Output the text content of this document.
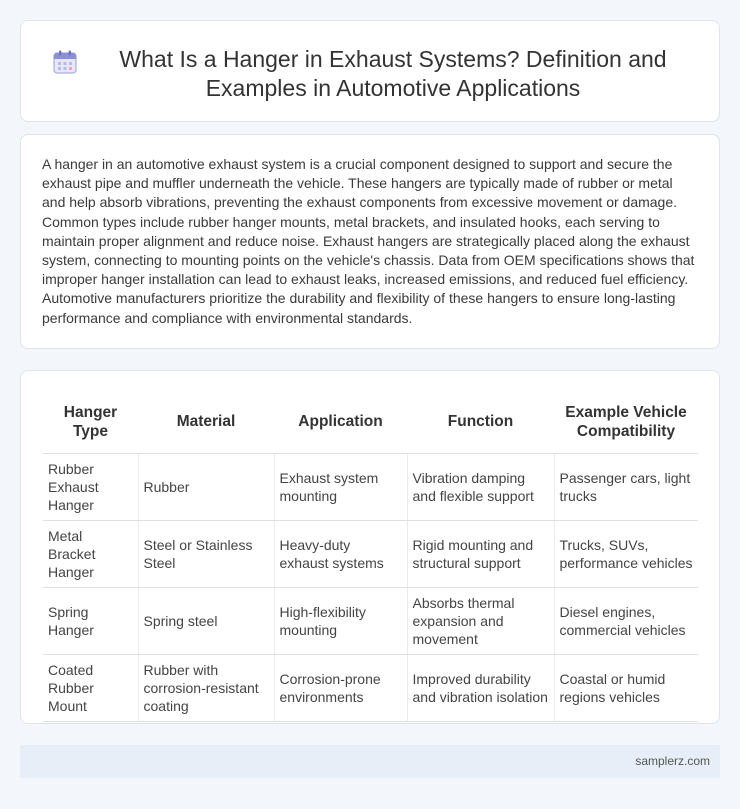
What Is a Hanger in Exhaust Systems? Definition and Examples in Automotive Applications

A hanger in an automotive exhaust system is a crucial component designed to support and secure the exhaust pipe and muffler underneath the vehicle. These hangers are typically made of rubber or metal and help absorb vibrations, preventing the exhaust components from excessive movement or damage. Common types include rubber hanger mounts, metal brackets, and insulated hooks, each serving to maintain proper alignment and reduce noise. Exhaust hangers are strategically placed along the exhaust system, connecting to mounting points on the vehicle's chassis. Data from OEM specifications shows that improper hanger installation can lead to exhaust leaks, increased emissions, and reduced fuel efficiency. Automotive manufacturers prioritize the durability and flexibility of these hangers to ensure long-lasting performance and compliance with environmental standards.

Hanger Type	Material	Application	Function	Example Vehicle Compatibility
Rubber Exhaust Hanger	Rubber	Exhaust system mounting	Vibration damping and flexible support	Passenger cars, light trucks
Metal Bracket Hanger	Steel or Stainless Steel	Heavy-duty exhaust systems	Rigid mounting and structural support	Trucks, SUVs, performance vehicles
Spring Hanger	Spring steel	High-flexibility mounting	Absorbs thermal expansion and movement	Diesel engines, commercial vehicles
Coated Rubber Mount	Rubber with corrosion-resistant coating	Corrosion-prone environments	Improved durability and vibration isolation	Coastal or humid regions vehicles
samplerz.com
